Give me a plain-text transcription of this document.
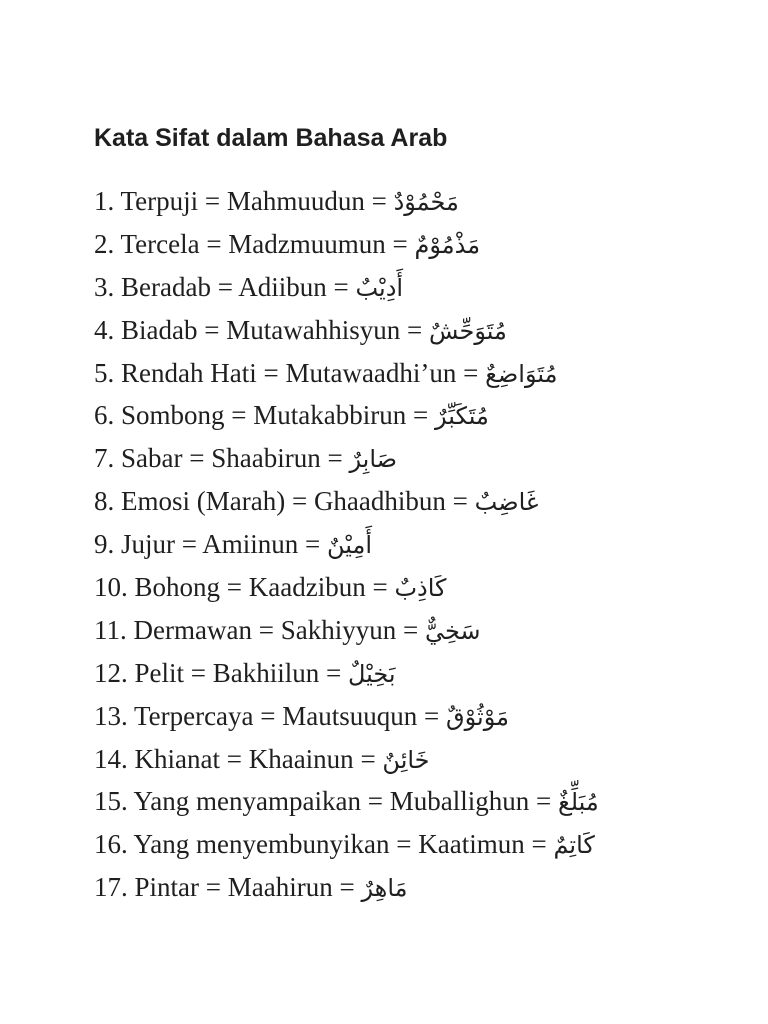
Kata Sifat dalam Bahasa Arab
1. Terpuji = Mahmuudun = مَحْمُوْدٌ
2. Tercela = Madzmuumun = مَذْمُوْمٌ
3. Beradab = Adiibun = أَدِيْبٌ
4. Biadab = Mutawahhisyun = مُتَوَحِّشٌ
5. Rendah Hati = Mutawaadhi’un = مُتَوَاضِعٌ
6. Sombong = Mutakabbirun = مُتَكَبِّرٌ
7. Sabar = Shaabirun = صَابِرٌ
8. Emosi (Marah) = Ghaadhibun = غَاضِبٌ
9. Jujur = Amiinun = أَمِيْنٌ
10. Bohong = Kaadzibun = كَاذِبٌ
11. Dermawan = Sakhiyyun = سَخِيٌّ
12. Pelit = Bakhiilun = بَخِيْلٌ
13. Terpercaya = Mautsuuqun = مَوْثُوْقٌ
14. Khianat = Khaainun = خَائِنٌ
15. Yang menyampaikan = Muballighun = مُبَلِّغٌ
16. Yang menyembunyikan = Kaatimun = كَاتِمٌ
17. Pintar = Maahirun = مَاهِرٌ
